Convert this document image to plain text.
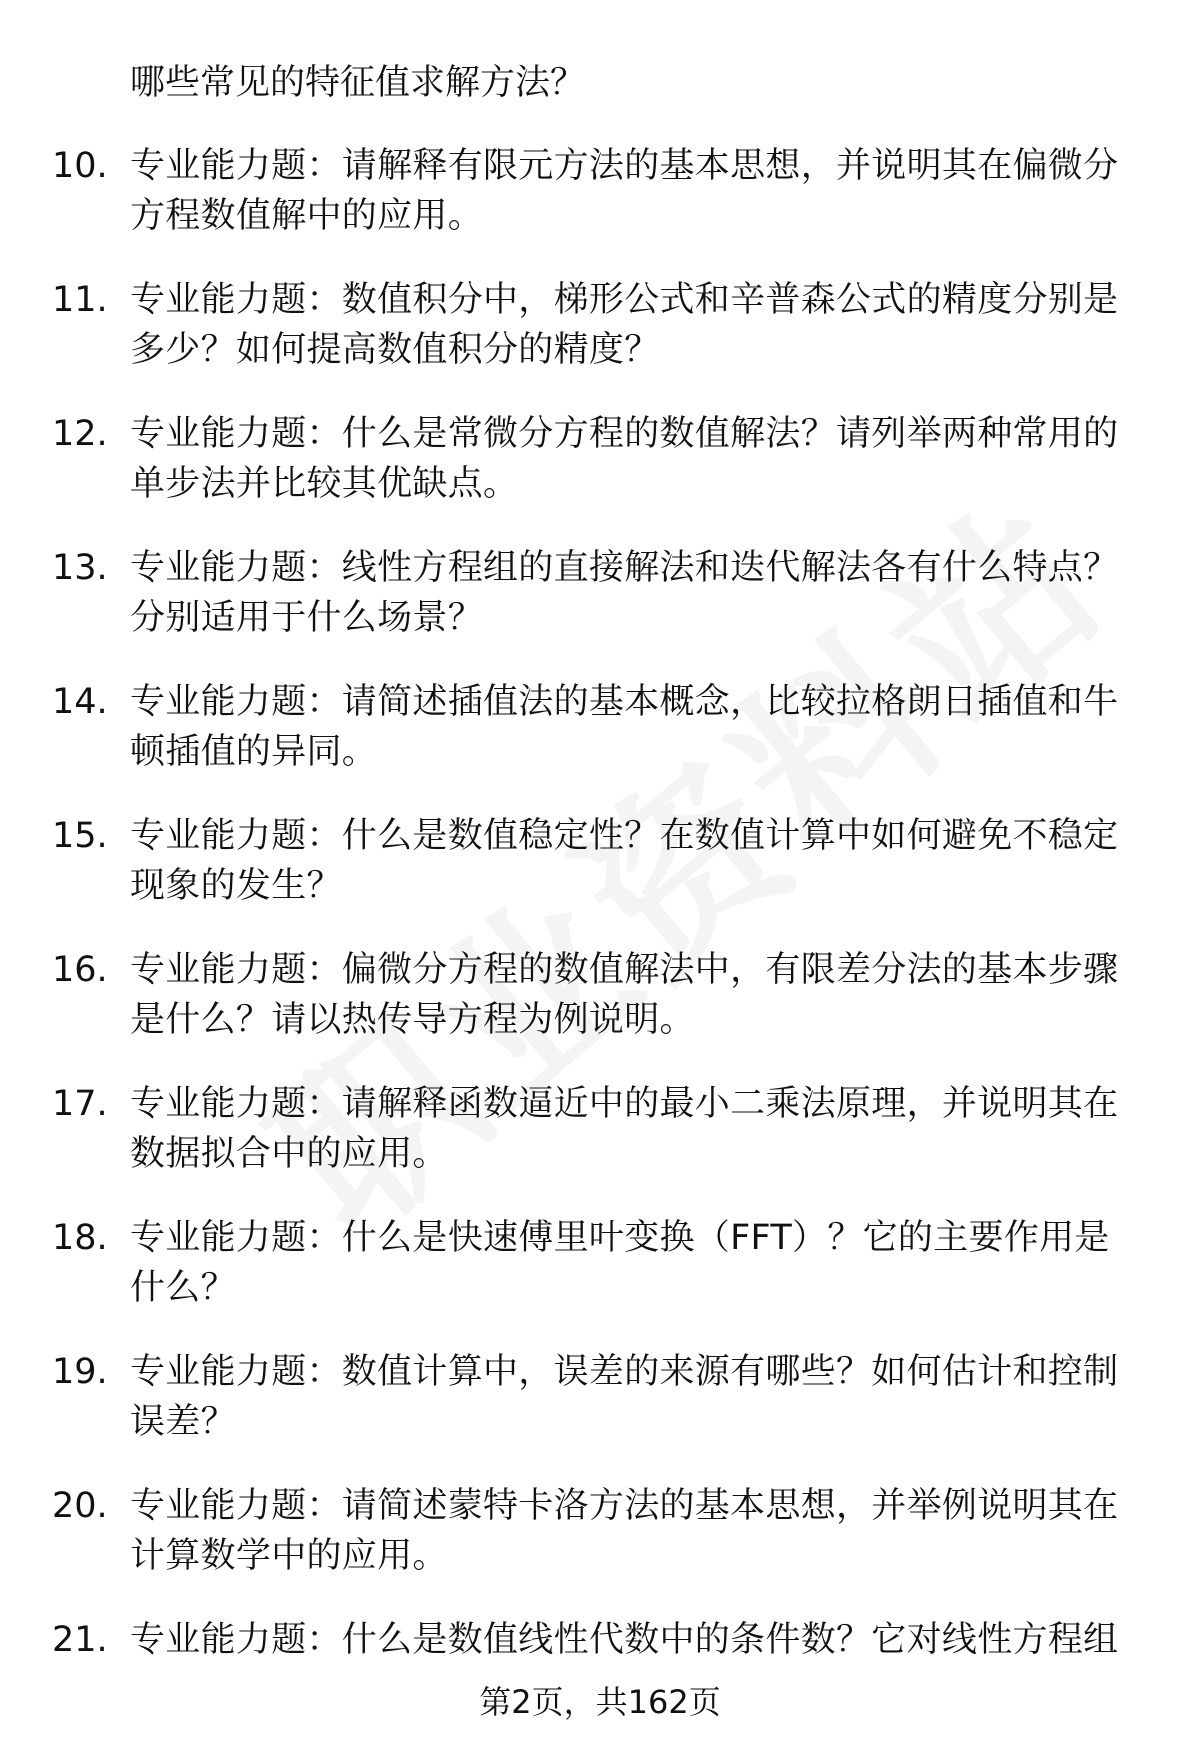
哪些常见的特征值求解方法？
10. 专业能力题：请解释有限元方法的基本思想，并说明其在偏微分方程数值解中的应用。
11. 专业能力题：数值积分中，梯形公式和辛普森公式的精度分别是多少？如何提高数值积分的精度？
12. 专业能力题：什么是常微分方程的数值解法？请列举两种常用的单步法并比较其优缺点。
13. 专业能力题：线性方程组的直接解法和迭代解法各有什么特点？分别适用于什么场景？
14. 专业能力题：请简述插值法的基本概念，比较拉格朗日插值和牛顿插值的异同。
15. 专业能力题：什么是数值稳定性？在数值计算中如何避免不稳定现象的发生？
16. 专业能力题：偏微分方程的数值解法中，有限差分法的基本步骤是什么？请以热传导方程为例说明。
17. 专业能力题：请解释函数逼近中的最小二乘法原理，并说明其在数据拟合中的应用。
18. 专业能力题：什么是快速傅里叶变换（FFT）？它的主要作用是什么？
19. 专业能力题：数值计算中，误差的来源有哪些？如何估计和控制误差？
20. 专业能力题：请简述蒙特卡洛方法的基本思想，并举例说明其在计算数学中的应用。
21. 专业能力题：什么是数值线性代数中的条件数？它对线性方程组
第2页，共162页
